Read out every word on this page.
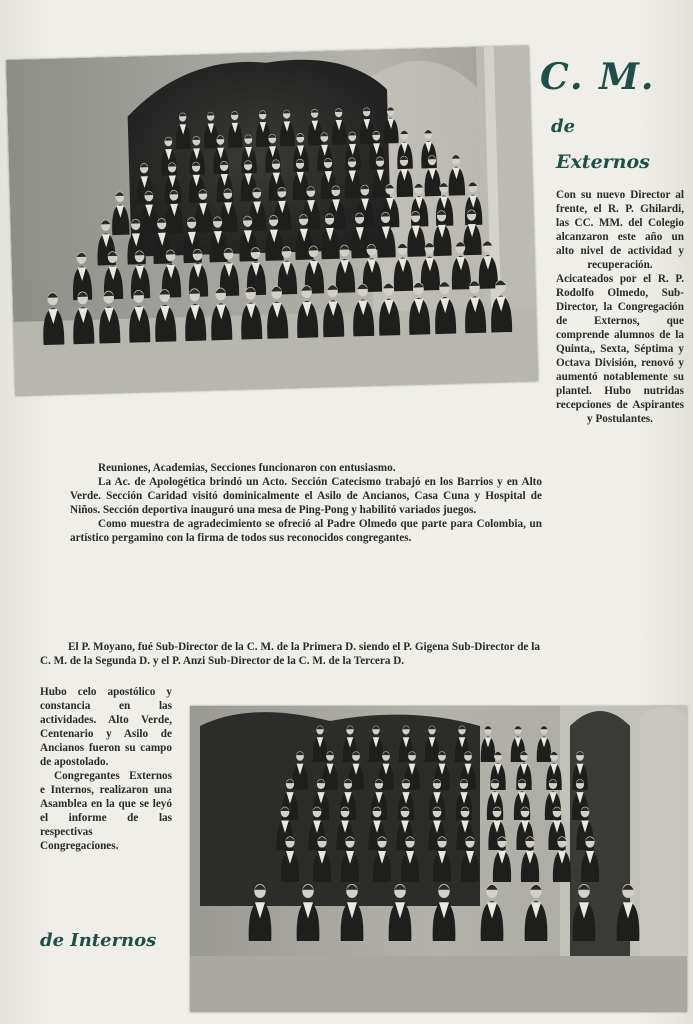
C. M.
de
Externos

Con su nuevo Director al frente, el R. P. Ghilardi, las CC. MM. del Colegio alcanzaron este año un alto nivel de actividad y recuperación.

Acicateados por el R. P. Rodolfo Olmedo, Sub-Director, la Congregación de Externos, que comprende alumnos de la Quinta,, Sexta, Séptima y Octava División, renovó y aumentó notablemente su plantel. Hubo nutridas recepciones de Aspirantes y Postulantes.

Reuniones, Academias, Secciones funcionaron con entusiasmo.

La Ac. de Apologética brindó un Acto. Sección Catecismo trabajó en los Barrios y en Alto Verde. Sección Caridad visitó dominicalmente el Asilo de Ancianos, Casa Cuna y Hospital de Niños. Sección deportiva inauguró una mesa de Ping-Pong y habilitó variados juegos.

Como muestra de agradecimiento se ofreció al Padre Olmedo que parte para Colombia, un artístico pergamino con la firma de todos sus reconocidos congregantes.

El P. Moyano, fué Sub-Director de la C. M. de la Primera D. siendo el P. Gigena Sub-Director de la C. M. de la Segunda D. y el P. Anzi Sub-Director de la C. M. de la Tercera D.

Hubo celo apostólico y constancia en las actividades. Alto Verde, Centenario y Asilo de Ancianos fueron su campo de apostolado.

Congregantes Externos e Internos, realizaron una Asamblea en la que se leyó el informe de las respectivas Congregaciones.

de Internos
